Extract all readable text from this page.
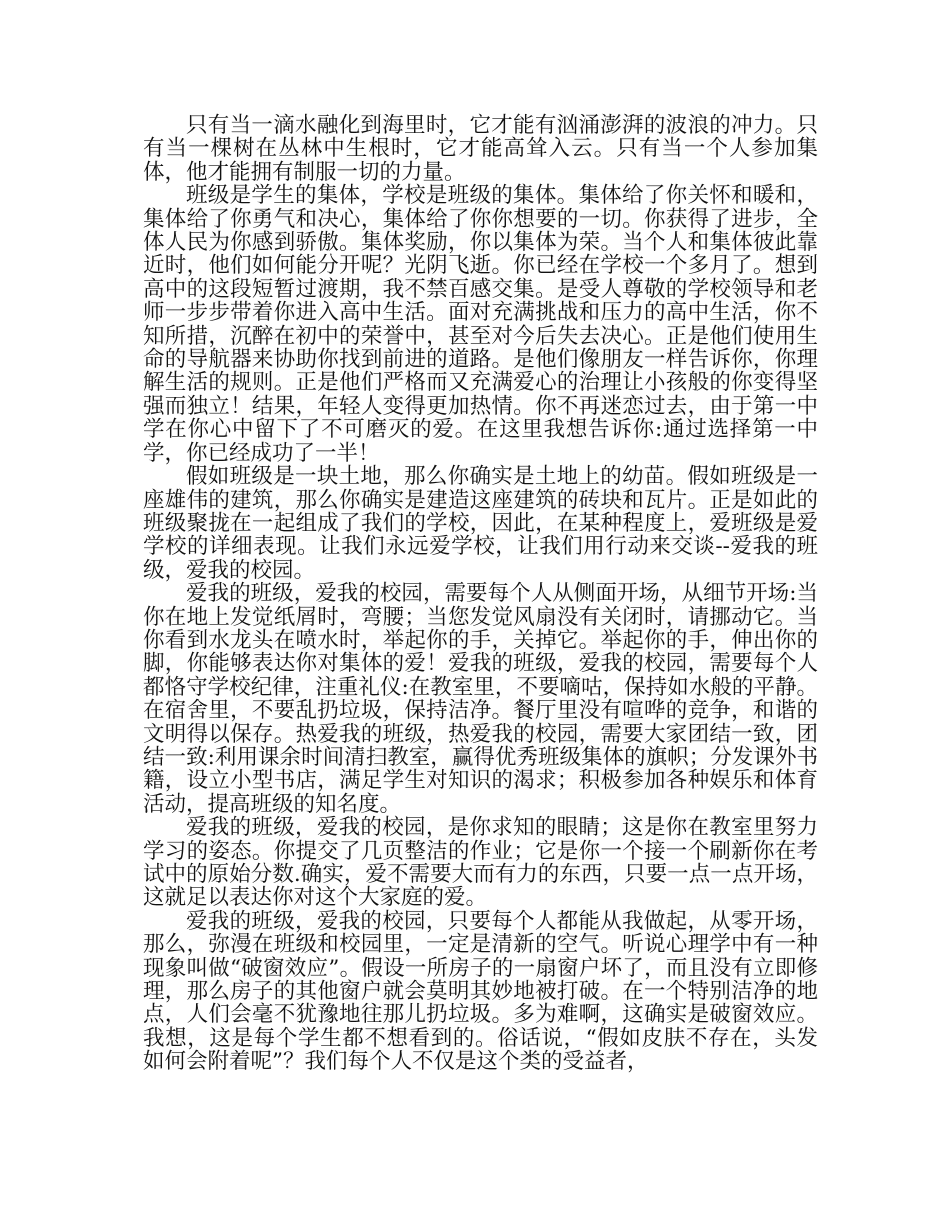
只有当一滴水融化到海里时，它才能有汹涌澎湃的波浪的冲力。只有当一棵树在丛林中生根时，它才能高耸入云。只有当一个人参加集体，他才能拥有制服一切的力量。

班级是学生的集体，学校是班级的集体。集体给了你关怀和暖和，集体给了你勇气和决心，集体给了你你想要的一切。你获得了进步，全体人民为你感到骄傲。集体奖励，你以集体为荣。当个人和集体彼此靠近时，他们如何能分开呢？光阴飞逝。你已经在学校一个多月了。想到高中的这段短暂过渡期，我不禁百感交集。是受人尊敬的学校领导和老师一步步带着你进入高中生活。面对充满挑战和压力的高中生活，你不知所措，沉醉在初中的荣誉中，甚至对今后失去决心。正是他们使用生命的导航器来协助你找到前进的道路。是他们像朋友一样告诉你，你理解生活的规则。正是他们严格而又充满爱心的治理让小孩般的你变得坚强而独立！结果，年轻人变得更加热情。你不再迷恋过去，由于第一中学在你心中留下了不可磨灭的爱。在这里我想告诉你:通过选择第一中学，你已经成功了一半！

假如班级是一块土地，那么你确实是土地上的幼苗。假如班级是一座雄伟的建筑，那么你确实是建造这座建筑的砖块和瓦片。正是如此的班级聚拢在一起组成了我们的学校，因此，在某种程度上，爱班级是爱学校的详细表现。让我们永远爱学校，让我们用行动来交谈--爱我的班级，爱我的校园。

爱我的班级，爱我的校园，需要每个人从侧面开场，从细节开场:当你在地上发觉纸屑时，弯腰；当您发觉风扇没有关闭时，请挪动它。当你看到水龙头在喷水时，举起你的手，关掉它。举起你的手，伸出你的脚，你能够表达你对集体的爱！爱我的班级，爱我的校园，需要每个人都恪守学校纪律，注重礼仪:在教室里，不要嘀咕，保持如水般的平静。在宿舍里，不要乱扔垃圾，保持洁净。餐厅里没有喧哗的竞争，和谐的文明得以保存。热爱我的班级，热爱我的校园，需要大家团结一致，团结一致:利用课余时间清扫教室，赢得优秀班级集体的旗帜；分发课外书籍，设立小型书店，满足学生对知识的渴求；积极参加各种娱乐和体育活动，提高班级的知名度。

爱我的班级，爱我的校园，是你求知的眼睛；这是你在教室里努力学习的姿态。你提交了几页整洁的作业；它是你一个接一个刷新你在考试中的原始分数.确实，爱不需要大而有力的东西，只要一点一点开场，这就足以表达你对这个大家庭的爱。

爱我的班级，爱我的校园，只要每个人都能从我做起，从零开场，那么，弥漫在班级和校园里，一定是清新的空气。听说心理学中有一种现象叫做“破窗效应”。假设一所房子的一扇窗户坏了，而且没有立即修理，那么房子的其他窗户就会莫明其妙地被打破。在一个特别洁净的地点，人们会毫不犹豫地往那儿扔垃圾。多为难啊，这确实是破窗效应。我想，这是每个学生都不想看到的。俗话说，“假如皮肤不存在，头发如何会附着呢”？我们每个人不仅是这个类的受益者，
